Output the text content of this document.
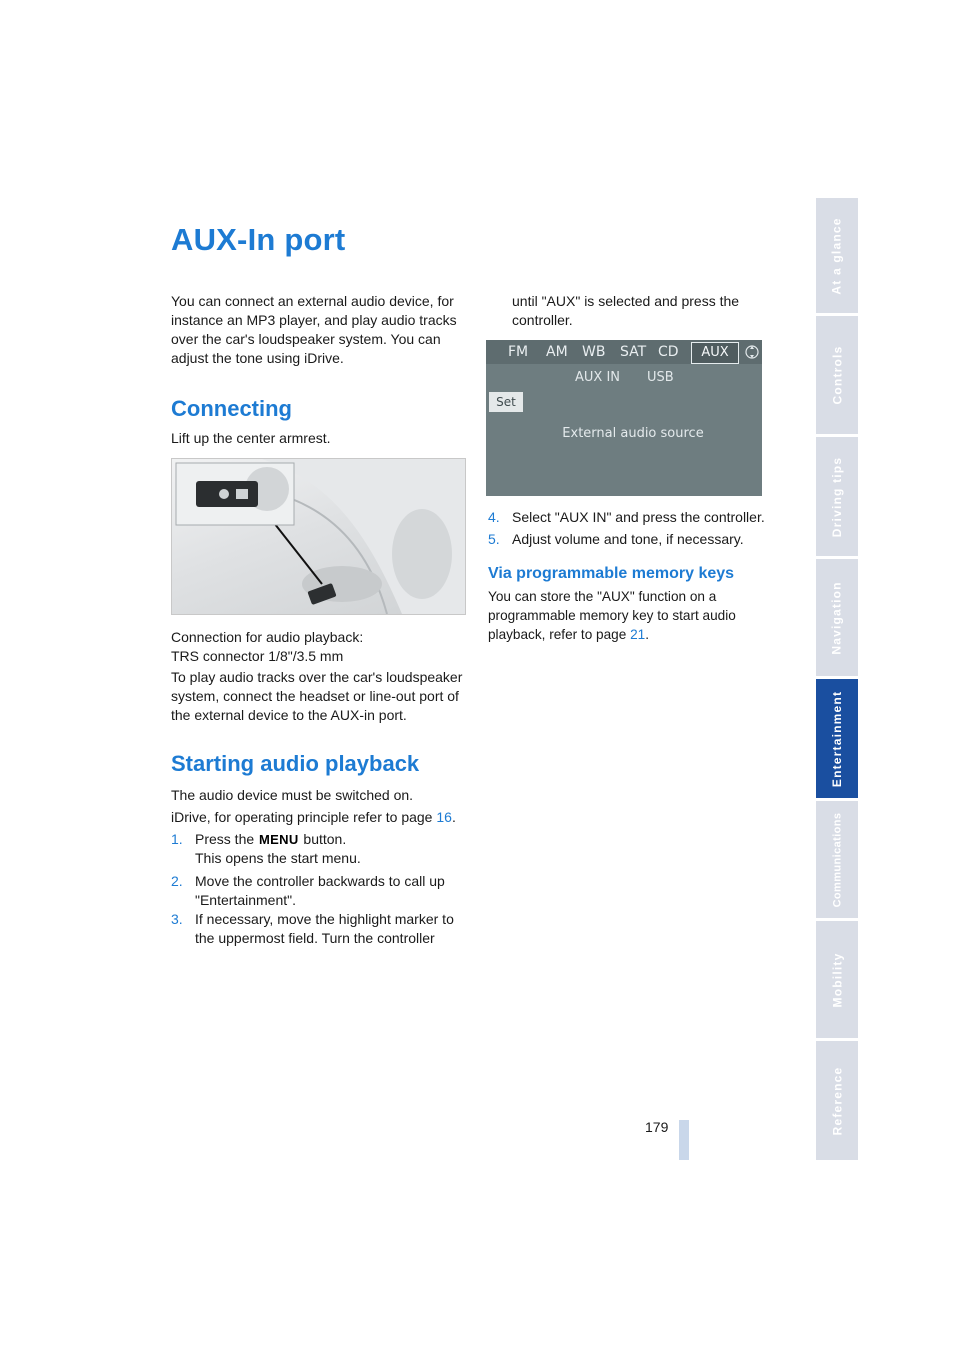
AUX-In port
You can connect an external audio device, for instance an MP3 player, and play audio tracks over the car's loudspeaker system. You can adjust the tone using iDrive.
Connecting
Lift up the center armrest.
Connection for audio playback:
TRS connector 1/8"/3.5 mm
To play audio tracks over the car's loudspeaker system, connect the headset or line-out port of the external device to the AUX-in port.
Starting audio playback
The audio device must be switched on.
iDrive, for operating principle refer to page 16.
1. Press the MENU button.
This opens the start menu.
2. Move the controller backwards to call up "Entertainment".
3. If necessary, move the highlight marker to the uppermost field. Turn the controller
until "AUX" is selected and press the controller.
FM AM WB SAT CD	AUX
AUX IN USB
Set
External audio source
4. Select "AUX IN" and press the controller.
5. Adjust volume and tone, if necessary.
Via programmable memory keys
You can store the "AUX" function on a programmable memory key to start audio playback, refer to page 21.
At a glance
Controls
Driving tips
Navigation
Entertainment
Communications
Mobility
Reference
179
